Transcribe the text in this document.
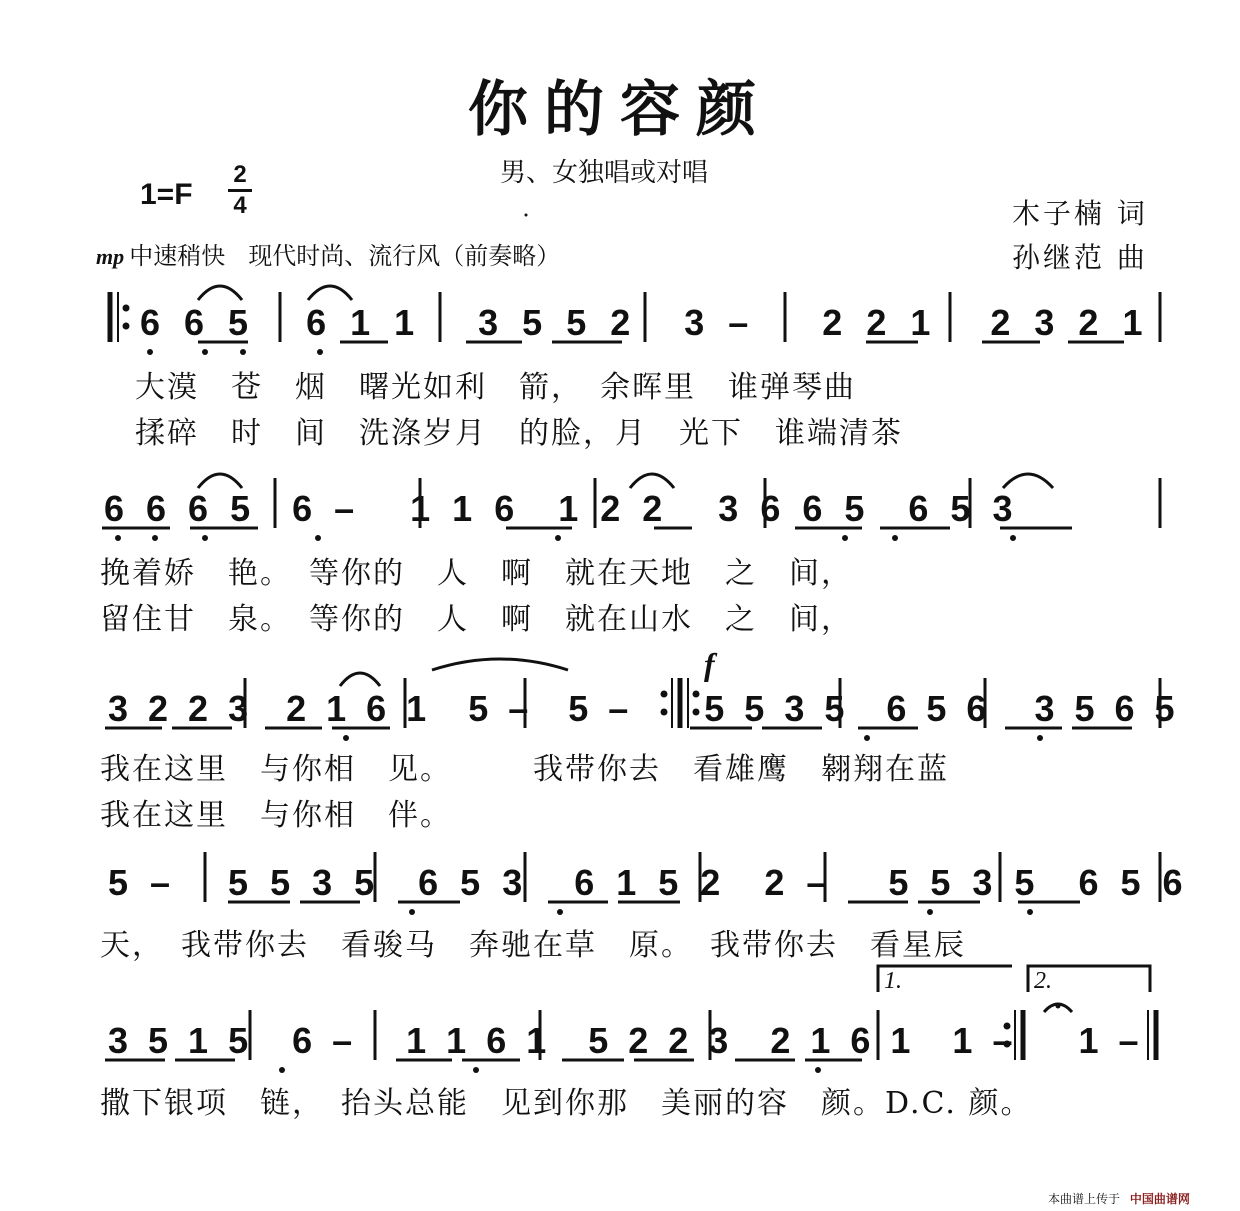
你的容颜
男、女独唱或对唱
1=F
2
4
mp 中速稍快 现代时尚、流行风（前奏略）
木子楠 词
孙继范 曲
6 6 5 6 1 1 3 5 5 2 3 – 2 2 1 2 3 2 1
大漠　苍　烟　曙光如利　箭，　余晖里　谁弹琴曲
揉碎　时　间　洗涤岁月　的脸，月　光下　谁端清茶
6 6 6 5 6 – 1 1 6 1 2 2 3 6 6 5 6 5 3
挽着娇　艳。　等你的　人　啊　就在天地　之　间，
留住甘　泉。　等你的　人　啊　就在山水　之　间，
f
3 2 2 3 2 1 6 1 5 – 5 – 5 5 3 5 6 5 6 3 5 6 5
我在这里　与你相　见。　　　我带你去　看雄鹰　翱翔在蓝
我在这里　与你相　伴。
5 – 5 5 3 5 6 5 3 6 1 5 2 2 – 5 5 3 5 6 5 6
天，　我带你去　看骏马　奔驰在草　原。　我带你去　看星辰
1.	2.
3 5 1 5 6 – 1 1 6 1 5 2 2 3 2 1 6 1 1 – 1 –
撒下银项　链，　抬头总能　见到你那　美丽的容　颜。D.C. 颜。
本曲谱上传于 中国曲谱网
